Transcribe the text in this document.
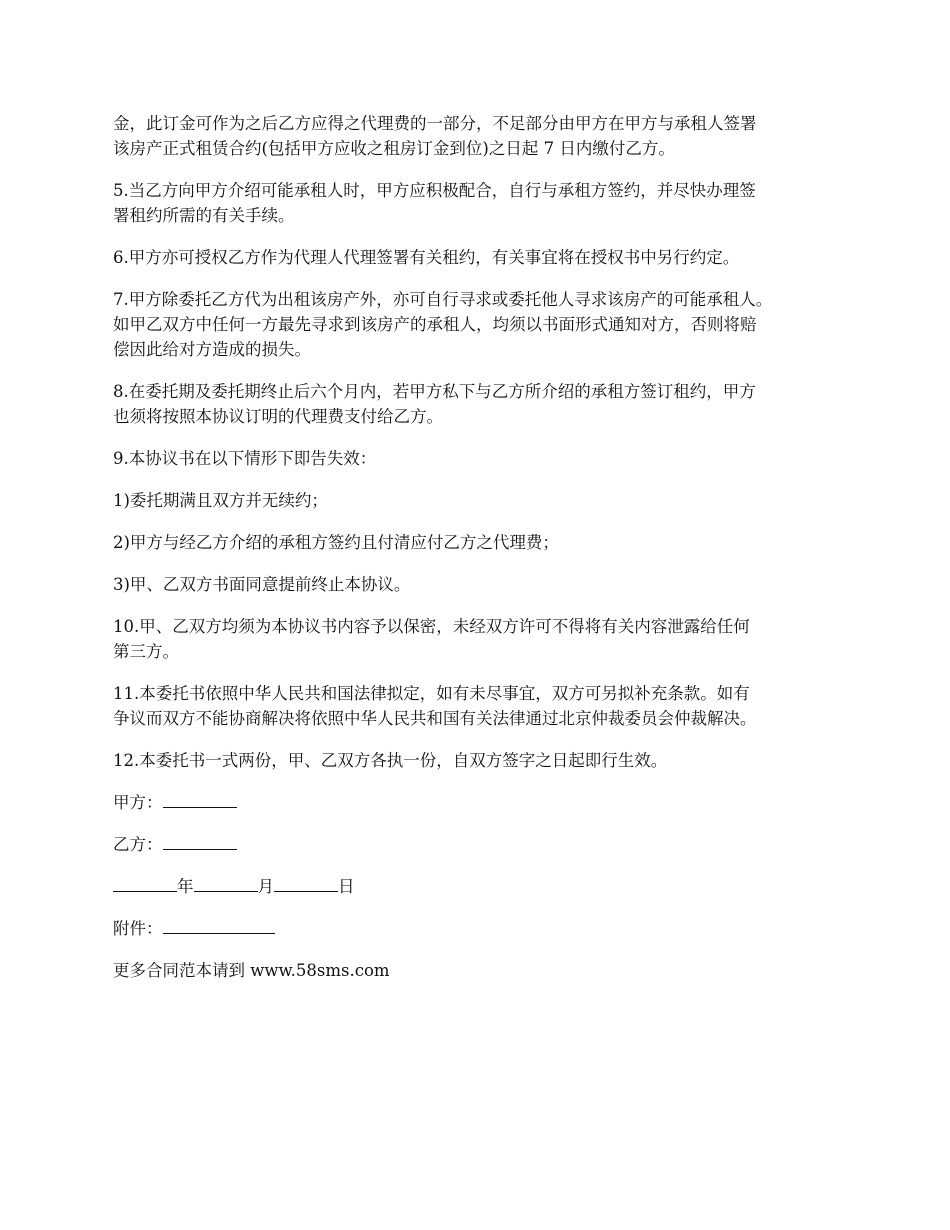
金，此订金可作为之后乙方应得之代理费的一部分，不足部分由甲方在甲方与承租人签署
该房产正式租赁合约(包括甲方应收之租房订金到位)之日起 7 日内缴付乙方。

5.当乙方向甲方介绍可能承租人时，甲方应积极配合，自行与承租方签约，并尽快办理签
署租约所需的有关手续。

6.甲方亦可授权乙方作为代理人代理签署有关租约，有关事宜将在授权书中另行约定。

7.甲方除委托乙方代为出租该房产外，亦可自行寻求或委托他人寻求该房产的可能承租人。
如甲乙双方中任何一方最先寻求到该房产的承租人，均须以书面形式通知对方，否则将赔
偿因此给对方造成的损失。

8.在委托期及委托期终止后六个月内，若甲方私下与乙方所介绍的承租方签订租约，甲方
也须将按照本协议订明的代理费支付给乙方。

9.本协议书在以下情形下即告失效：

1)委托期满且双方并无续约；

2)甲方与经乙方介绍的承租方签约且付清应付乙方之代理费；

3)甲、乙双方书面同意提前终止本协议。

10.甲、乙双方均须为本协议书内容予以保密，未经双方许可不得将有关内容泄露给任何
第三方。

11.本委托书依照中华人民共和国法律拟定，如有未尽事宜，双方可另拟补充条款。如有
争议而双方不能协商解决将依照中华人民共和国有关法律通过北京仲裁委员会仲裁解决。

12.本委托书一式两份，甲、乙双方各执一份，自双方签字之日起即行生效。

甲方：

乙方：

年	月	日

附件：

更多合同范本请到 www.58sms.com
